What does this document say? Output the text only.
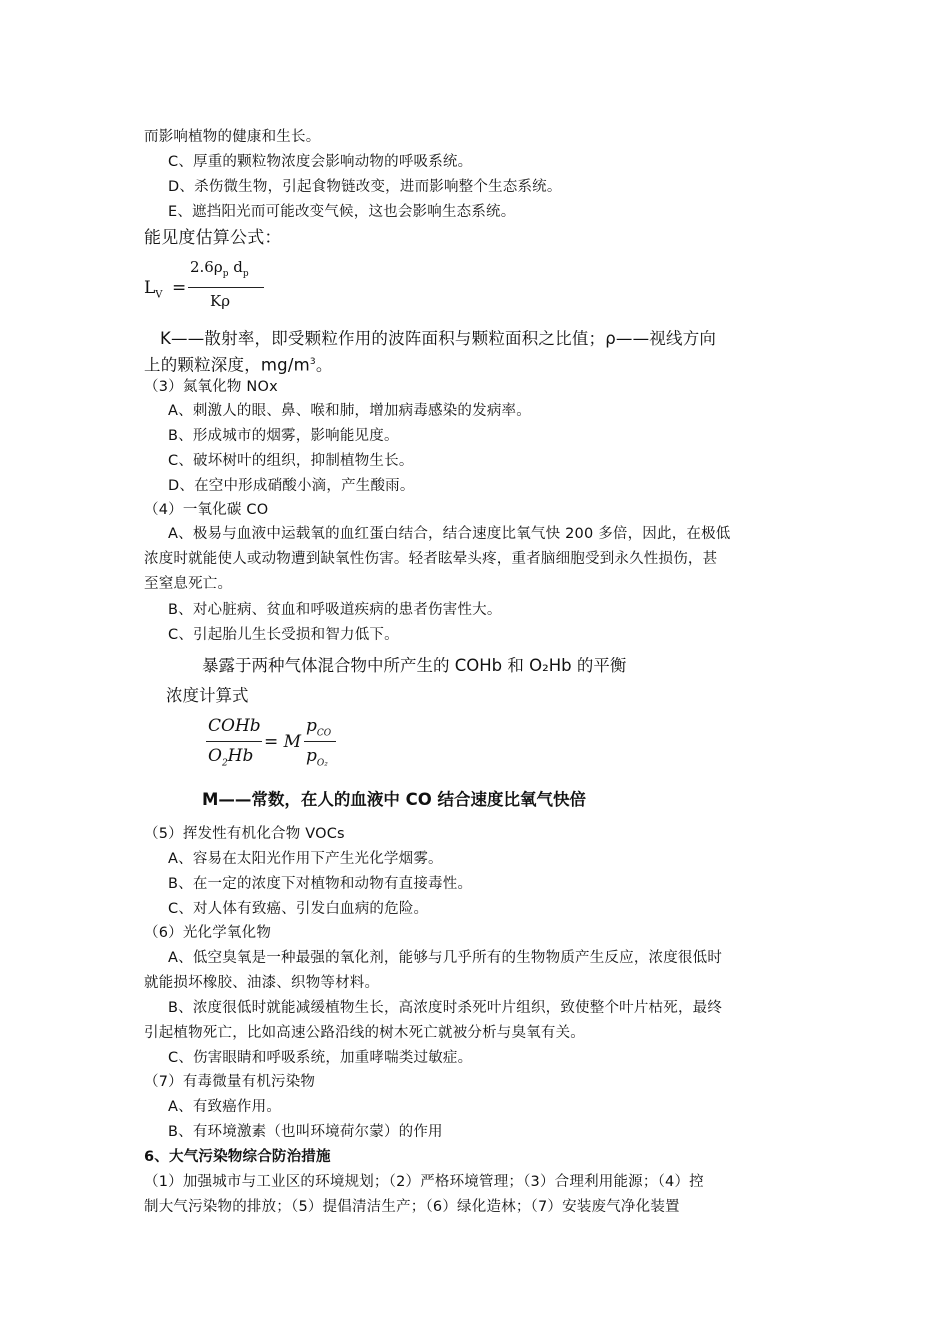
而影响植物的健康和生长。
C、厚重的颗粒物浓度会影响动物的呼吸系统。
D、杀伤微生物，引起食物链改变，进而影响整个生态系统。
E、遮挡阳光而可能改变气候，这也会影响生态系统。
能见度估算公式：
$L_V$ =
$2.6\rho_p$ $d_p$
Kρ
K——散射率，即受颗粒作用的波阵面积与颗粒面积之比值；ρ——视线方向
上的颗粒深度，$mg/m^3$。
（3）氮氧化物 NOx
A、刺激人的眼、鼻、喉和肺，增加病毒感染的发病率。
B、形成城市的烟雾，影响能见度。
C、破坏树叶的组织，抑制植物生长。
D、在空中形成硝酸小滴，产生酸雨。
（4）一氧化碳 CO
A、极易与血液中运载氧的血红蛋白结合，结合速度比氧气快 200 多倍，因此，在极低
浓度时就能使人或动物遭到缺氧性伤害。轻者眩晕头疼，重者脑细胞受到永久性损伤，甚
至窒息死亡。
B、对心脏病、贫血和呼吸道疾病的患者伤害性大。
C、引起胎儿生长受损和智力低下。
暴露于两种气体混合物中所产生的 COHb 和 O₂Hb 的平衡
浓度计算式
COHb
$O_2Hb$
= M
$p_{CO}$
$p_{O_2}$
M——常数，在人的血液中 CO 结合速度比氧气快倍
（5）挥发性有机化合物 VOCs
A、容易在太阳光作用下产生光化学烟雾。
B、在一定的浓度下对植物和动物有直接毒性。
C、对人体有致癌、引发白血病的危险。
（6）光化学氧化物
A、低空臭氧是一种最强的氧化剂，能够与几乎所有的生物物质产生反应，浓度很低时
就能损坏橡胶、油漆、织物等材料。
B、浓度很低时就能减缓植物生长，高浓度时杀死叶片组织，致使整个叶片枯死，最终
引起植物死亡，比如高速公路沿线的树木死亡就被分析与臭氧有关。
C、伤害眼睛和呼吸系统，加重哮喘类过敏症。
（7）有毒微量有机污染物
A、有致癌作用。
B、有环境激素（也叫环境荷尔蒙）的作用
6、大气污染物综合防治措施
（1）加强城市与工业区的环境规划；（2）严格环境管理；（3）合理利用能源；（4）控
制大气污染物的排放；（5）提倡清洁生产；（6）绿化造林；（7）安装废气净化装置
